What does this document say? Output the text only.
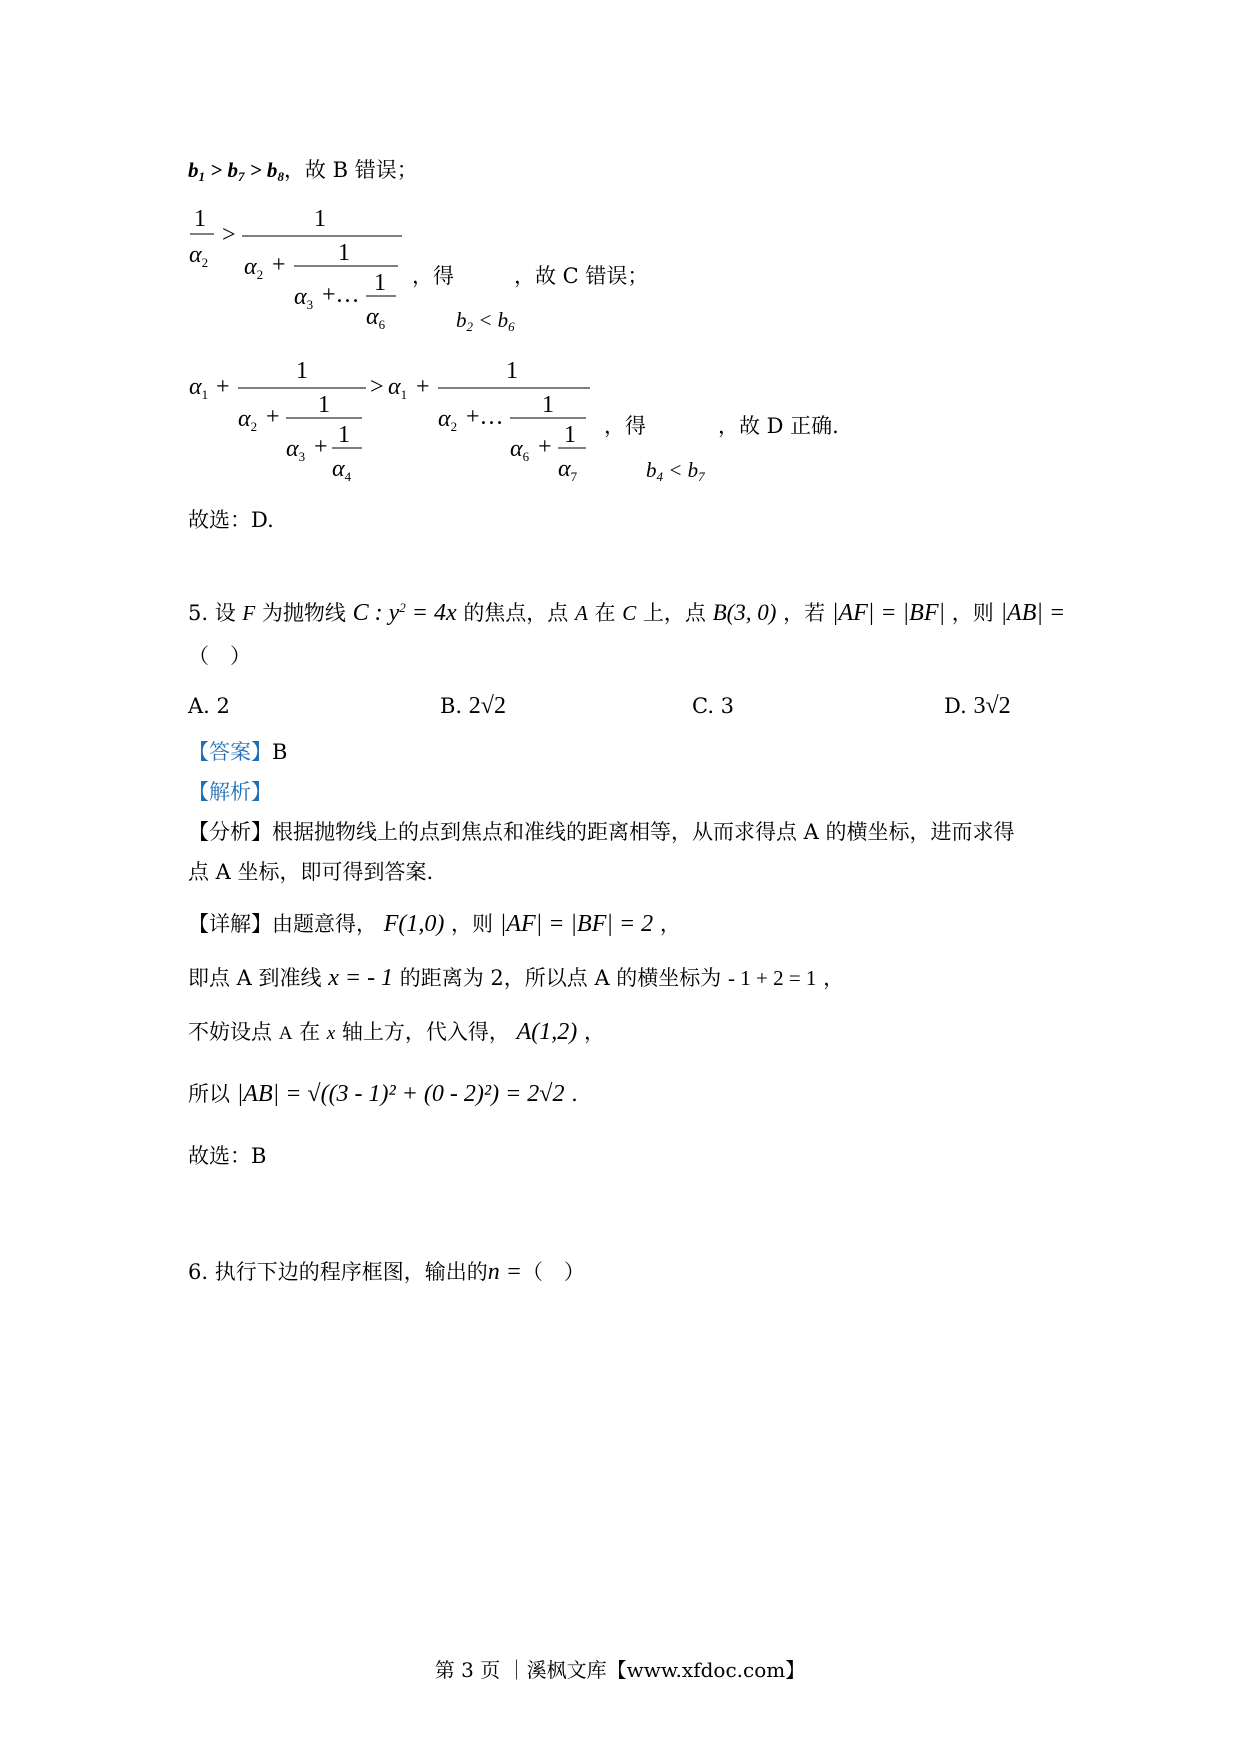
$b_1 > b_7 > b_8$，故 B 错误；
1
$\alpha_2$
>
1
$\alpha_2 + 1$
$\alpha_3$ +… 1
$\alpha_6$
，得	，故 C 错误；
$b_2 < b_6$
$\alpha_1$ +
1
$\alpha_2 + 1$
$\alpha_3 + 1$
$\alpha_4$
> $\alpha_1$ +
1
$\alpha_2$ +… 1
$\alpha_6 + 1$
$\alpha_7$
，得	，故 D 正确.
$b_4 < b_7$
故选：D.
5. 设 F 为抛物线 C : $y^2 = 4x$ 的焦点，点 A 在 C 上，点 B(3, 0) ，若 |AF| = |BF| ，则 |AB| =
（　）
A. 2	B. 2√2	C. 3	D. 3√2
【答案】B
【解析】
【分析】根据抛物线上的点到焦点和准线的距离相等，从而求得点 A 的横坐标，进而求得
点 A 坐标，即可得到答案.
【详解】由题意得， F(1,0) ，则 |AF| = |BF| = 2 ，
即点 A 到准线 x = - 1 的距离为 2，所以点 A 的横坐标为 - 1 + 2 = 1 ，
不妨设点 A 在 x 轴上方，代入得， A(1,2) ，
所以 |AB| = √((3 - 1)² + (0 - 2)²) = 2√2 .
故选：B
6. 执行下边的程序框图，输出的n =（　）
第 3 页 ｜溪枫文库【www.xfdoc.com】
